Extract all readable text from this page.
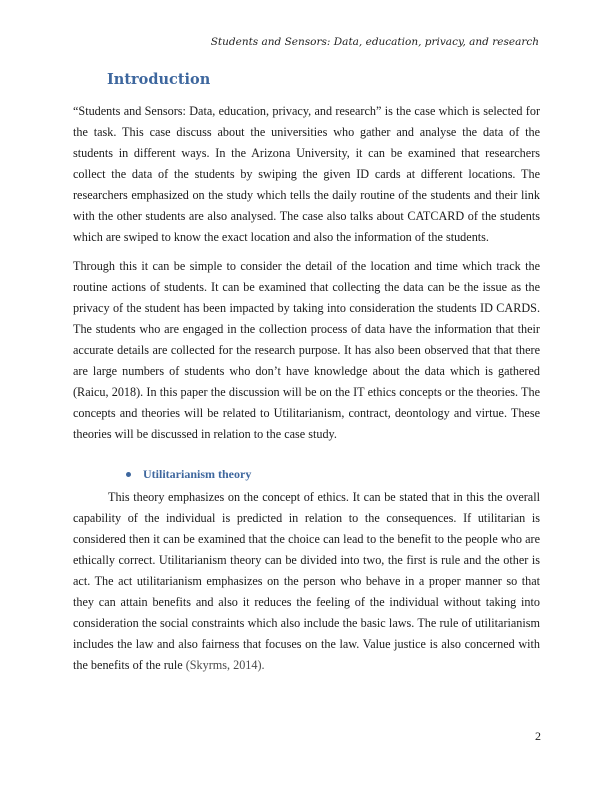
Students and Sensors: Data, education, privacy, and research
Introduction

“Students and Sensors: Data, education, privacy, and research” is the case which is selected for the task. This case discuss about the universities who gather and analyse the data of the students in different ways. In the Arizona University, it can be examined that researchers collect the data of the students by swiping the given ID cards at different locations. The researchers emphasized on the study which tells the daily routine of the students and their link with the other students are also analysed. The case also talks about CATCARD of the students which are swiped to know the exact location and also the information of the students.

Through this it can be simple to consider the detail of the location and time which track the routine actions of students. It can be examined that collecting the data can be the issue as the privacy of the student has been impacted by taking into consideration the students ID CARDS. The students who are engaged in the collection process of data have the information that their accurate details are collected for the research purpose. It has also been observed that that there are large numbers of students who don’t have knowledge about the data which is gathered (Raicu, 2018). In this paper the discussion will be on the IT ethics concepts or the theories. The concepts and theories will be related to Utilitarianism, contract, deontology and virtue. These theories will be discussed in relation to the case study.

Utilitarianism theory

This theory emphasizes on the concept of ethics. It can be stated that in this the overall capability of the individual is predicted in relation to the consequences. If utilitarian is considered then it can be examined that the choice can lead to the benefit to the people who are ethically correct. Utilitarianism theory can be divided into two, the first is rule and the other is act. The act utilitarianism emphasizes on the person who behave in a proper manner so that they can attain benefits and also it reduces the feeling of the individual without taking into consideration the social constraints which also include the basic laws. The rule of utilitarianism includes the law and also fairness that focuses on the law. Value justice is also concerned with the benefits of the rule (Skyrms, 2014).

2
